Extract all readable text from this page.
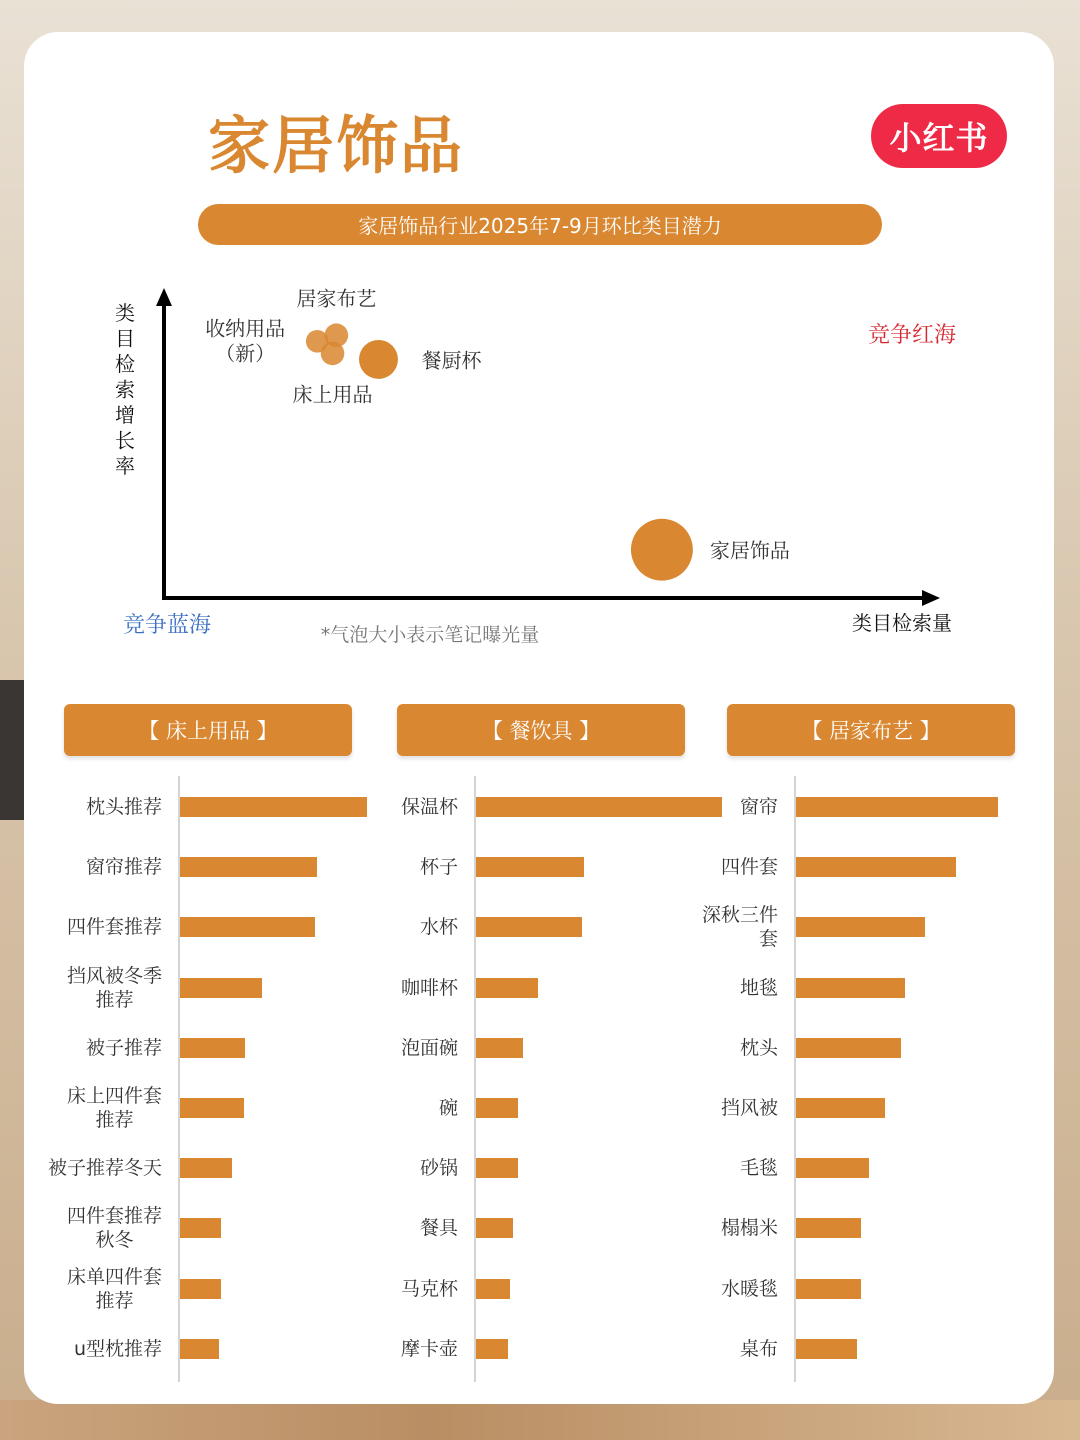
家居饰品	小红书
家居饰品行业2025年7-9月环比类目潜力
类目检索量
类目检索增长率
竞争红海
竞争蓝海	*气泡大小表示笔记曝光量
居家布艺
收纳用品（新）
床上用品
餐厨杯
家居饰品
【 床上用品 】	【 餐饮具 】	【 居家布艺 】
枕头推荐
窗帘推荐
四件套推荐
挡风被冬季
推荐
被子推荐
床上四件套
推荐
被子推荐冬天
四件套推荐
秋冬
床单四件套
推荐
u型枕推荐
保温杯
杯子
水杯
咖啡杯
泡面碗
碗
砂锅
餐具
马克杯
摩卡壶
窗帘
四件套
深秋三件套
地毯
枕头
挡风被
毛毯
榻榻米
水暖毯
桌布
